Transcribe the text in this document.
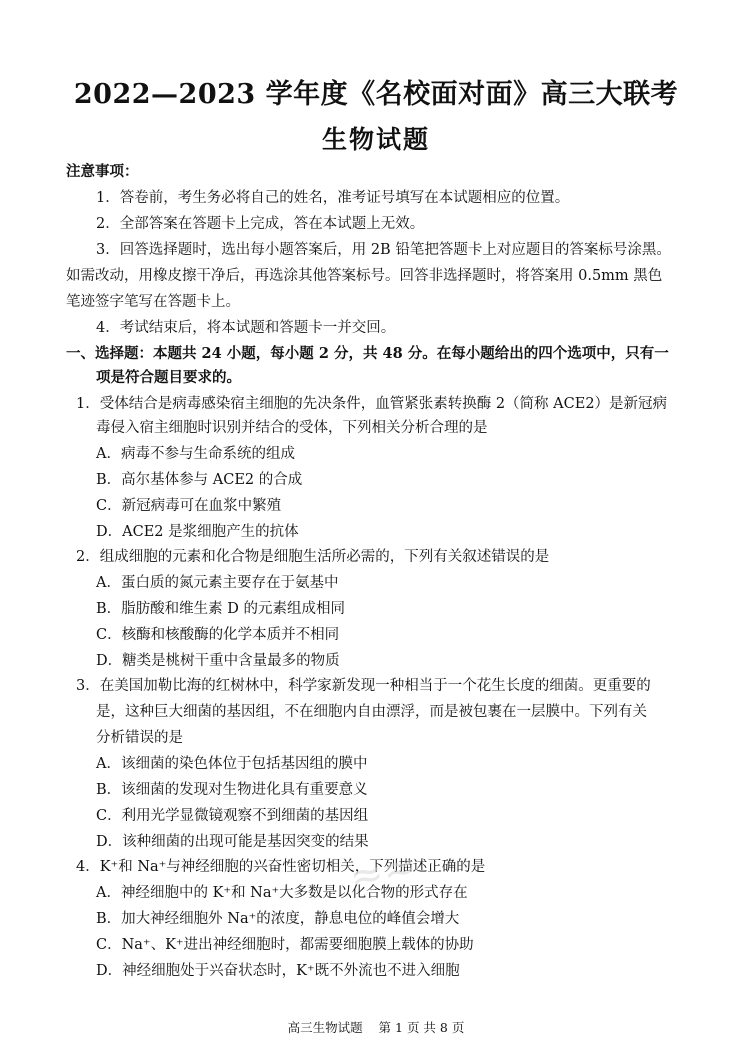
2022—2023 学年度《名校面对面》高三大联考
生物试题
注意事项：
1．答卷前，考生务必将自己的姓名，准考证号填写在本试题相应的位置。
2．全部答案在答题卡上完成，答在本试题上无效。
3．回答选择题时，选出每小题答案后，用 2B 铅笔把答题卡上对应题目的答案标号涂黑。
如需改动，用橡皮擦干净后，再选涂其他答案标号。回答非选择题时，将答案用 0.5mm 黑色
笔迹签字笔写在答题卡上。
4．考试结束后，将本试题和答题卡一并交回。
一、选择题：本题共 24 小题，每小题 2 分，共 48 分。在每小题给出的四个选项中，只有一
项是符合题目要求的。
1．受体结合是病毒感染宿主细胞的先决条件，血管紧张素转换酶 2（简称 ACE2）是新冠病
毒侵入宿主细胞时识别并结合的受体，下列相关分析合理的是
A．病毒不参与生命系统的组成
B．高尔基体参与 ACE2 的合成
C．新冠病毒可在血浆中繁殖
D．ACE2 是浆细胞产生的抗体
2．组成细胞的元素和化合物是细胞生活所必需的，下列有关叙述错误的是
A．蛋白质的氮元素主要存在于氨基中
B．脂肪酸和维生素 D 的元素组成相同
C．核酶和核酸酶的化学本质并不相同
D．糖类是桃树干重中含量最多的物质
3．在美国加勒比海的红树林中，科学家新发现一种相当于一个花生长度的细菌。更重要的
是，这种巨大细菌的基因组，不在细胞内自由漂浮，而是被包裹在一层膜中。下列有关
分析错误的是
A．该细菌的染色体位于包括基因组的膜中
B．该细菌的发现对生物进化具有重要意义
C．利用光学显微镜观察不到细菌的基因组
D．该种细菌的出现可能是基因突变的结果
4．K⁺和 Na⁺与神经细胞的兴奋性密切相关，下列描述正确的是
A．神经细胞中的 K⁺和 Na⁺大多数是以化合物的形式存在
B．加大神经细胞外 Na⁺的浓度，静息电位的峰值会增大
C．Na⁺、K⁺进出神经细胞时，都需要细胞膜上载体的协助
D．神经细胞处于兴奋状态时，K⁺既不外流也不进入细胞
≈≈
高三生物试题    第 1 页 共 8 页
